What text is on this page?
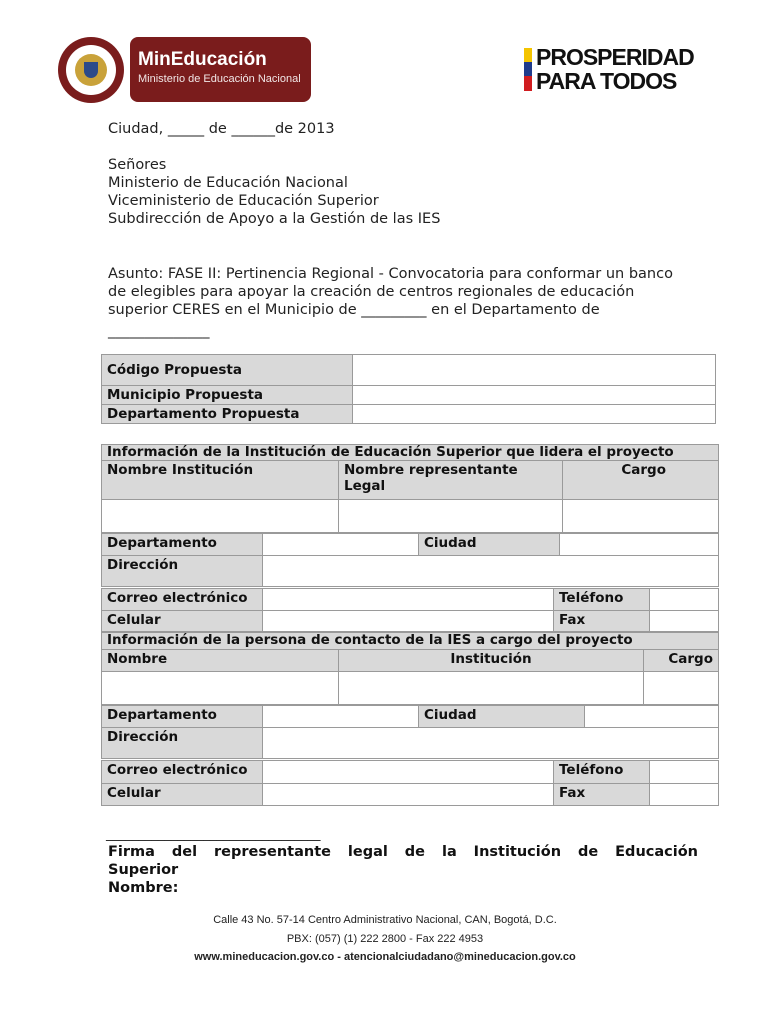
MinEducación
Ministerio de Educación Nacional
PROSPERIDAD
PARA TODOS
Ciudad, _____ de ______de 2013
Señores
Ministerio de Educación Nacional
Viceministerio de Educación Superior
Subdirección de Apoyo a la Gestión de las IES
Asunto: FASE II: Pertinencia Regional - Convocatoria para conformar un banco
de elegibles para apoyar la creación de centros regionales de educación
superior CERES en el Municipio de _________ en el Departamento de
______________
Código Propuesta	
Municipio Propuesta	
Departamento Propuesta	
Información de la Institución de Educación Superior que lidera el proyecto		
Nombre Institución	Nombre representante Legal	Cargo

Departamento		Ciudad	
Dirección			
Correo electrónico		Teléfono	
Celular		Fax	
Información de la persona de contacto de la IES a cargo del proyecto		
Nombre	Institución	Cargo

Departamento		Ciudad	
Dirección			
Correo electrónico		Teléfono	
Celular		Fax	
_________________________________
Firma del representante legal de la Institución de Educación
Superior
Nombre:
Calle 43 No. 57-14 Centro Administrativo Nacional, CAN, Bogotá, D.C.
PBX: (057) (1) 222 2800 - Fax 222 4953
www.mineducacion.gov.co - atencionalciudadano@mineducacion.gov.co
